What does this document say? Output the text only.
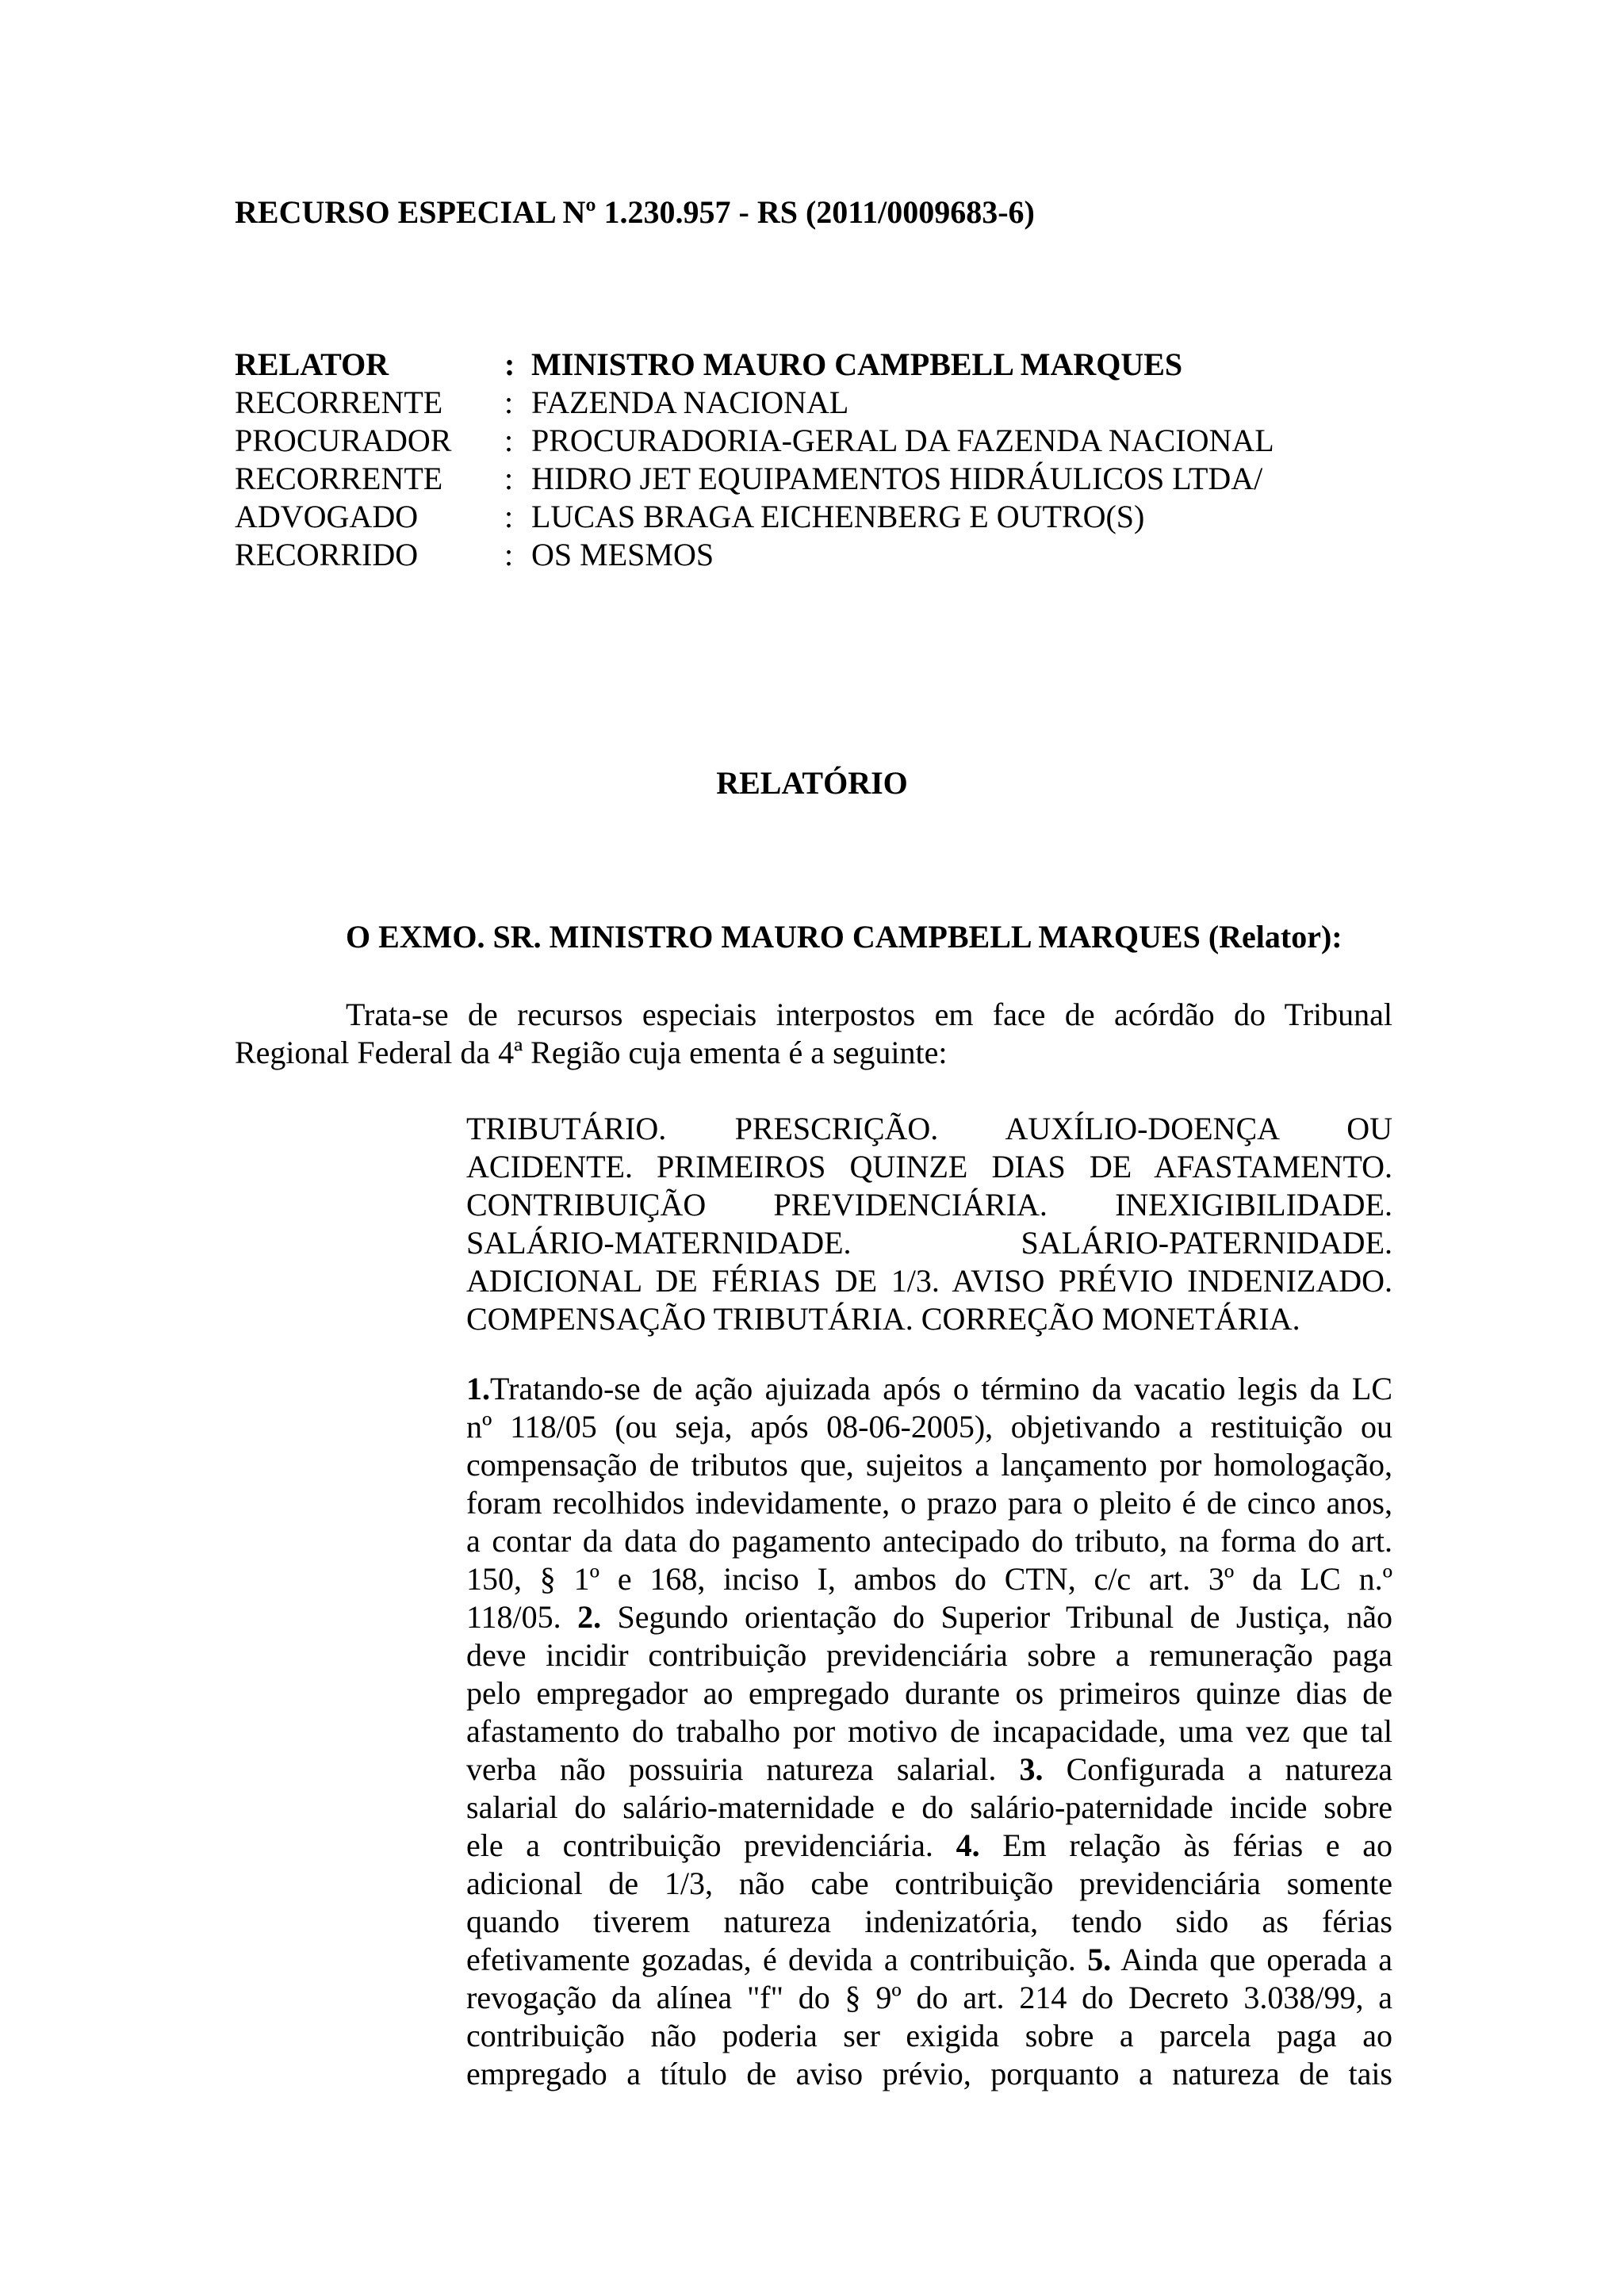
RECURSO ESPECIAL Nº 1.230.957 - RS (2011/0009683-6)
RELATOR	: MINISTRO MAURO CAMPBELL MARQUES
RECORRENTE	: FAZENDA NACIONAL
PROCURADOR	: PROCURADORIA-GERAL DA FAZENDA NACIONAL
RECORRENTE	: HIDRO JET EQUIPAMENTOS HIDRÁULICOS LTDA/
ADVOGADO	: LUCAS BRAGA EICHENBERG E OUTRO(S)
RECORRIDO	: OS MESMOS
RELATÓRIO
O EXMO. SR. MINISTRO MAURO CAMPBELL MARQUES (Relator):
Trata-se de recursos especiais interpostos em face de acórdão do Tribunal
Regional Federal da 4ª Região cuja ementa é a seguinte:
TRIBUTÁRIO. PRESCRIÇÃO. AUXÍLIO-DOENÇA OU
ACIDENTE. PRIMEIROS QUINZE DIAS DE AFASTAMENTO.
CONTRIBUIÇÃO PREVIDENCIÁRIA. INEXIGIBILIDADE.
SALÁRIO-MATERNIDADE. SALÁRIO-PATERNIDADE.
ADICIONAL DE FÉRIAS DE 1/3. AVISO PRÉVIO INDENIZADO.
COMPENSAÇÃO TRIBUTÁRIA. CORREÇÃO MONETÁRIA.
1.Tratando-se de ação ajuizada após o término da vacatio legis da LC
nº 118/05 (ou seja, após 08-06-2005), objetivando a restituição ou
compensação de tributos que, sujeitos a lançamento por homologação,
foram recolhidos indevidamente, o prazo para o pleito é de cinco anos,
a contar da data do pagamento antecipado do tributo, na forma do art.
150, § 1º e 168, inciso I, ambos do CTN, c/c art. 3º da LC n.º
118/05. 2. Segundo orientação do Superior Tribunal de Justiça, não
deve incidir contribuição previdenciária sobre a remuneração paga
pelo empregador ao empregado durante os primeiros quinze dias de
afastamento do trabalho por motivo de incapacidade, uma vez que tal
verba não possuiria natureza salarial. 3. Configurada a natureza
salarial do salário-maternidade e do salário-paternidade incide sobre
ele a contribuição previdenciária. 4. Em relação às férias e ao
adicional de 1/3, não cabe contribuição previdenciária somente
quando tiverem natureza indenizatória, tendo sido as férias
efetivamente gozadas, é devida a contribuição. 5. Ainda que operada a
revogação da alínea "f" do § 9º do art. 214 do Decreto 3.038/99, a
contribuição não poderia ser exigida sobre a parcela paga ao
empregado a título de aviso prévio, porquanto a natureza de tais
